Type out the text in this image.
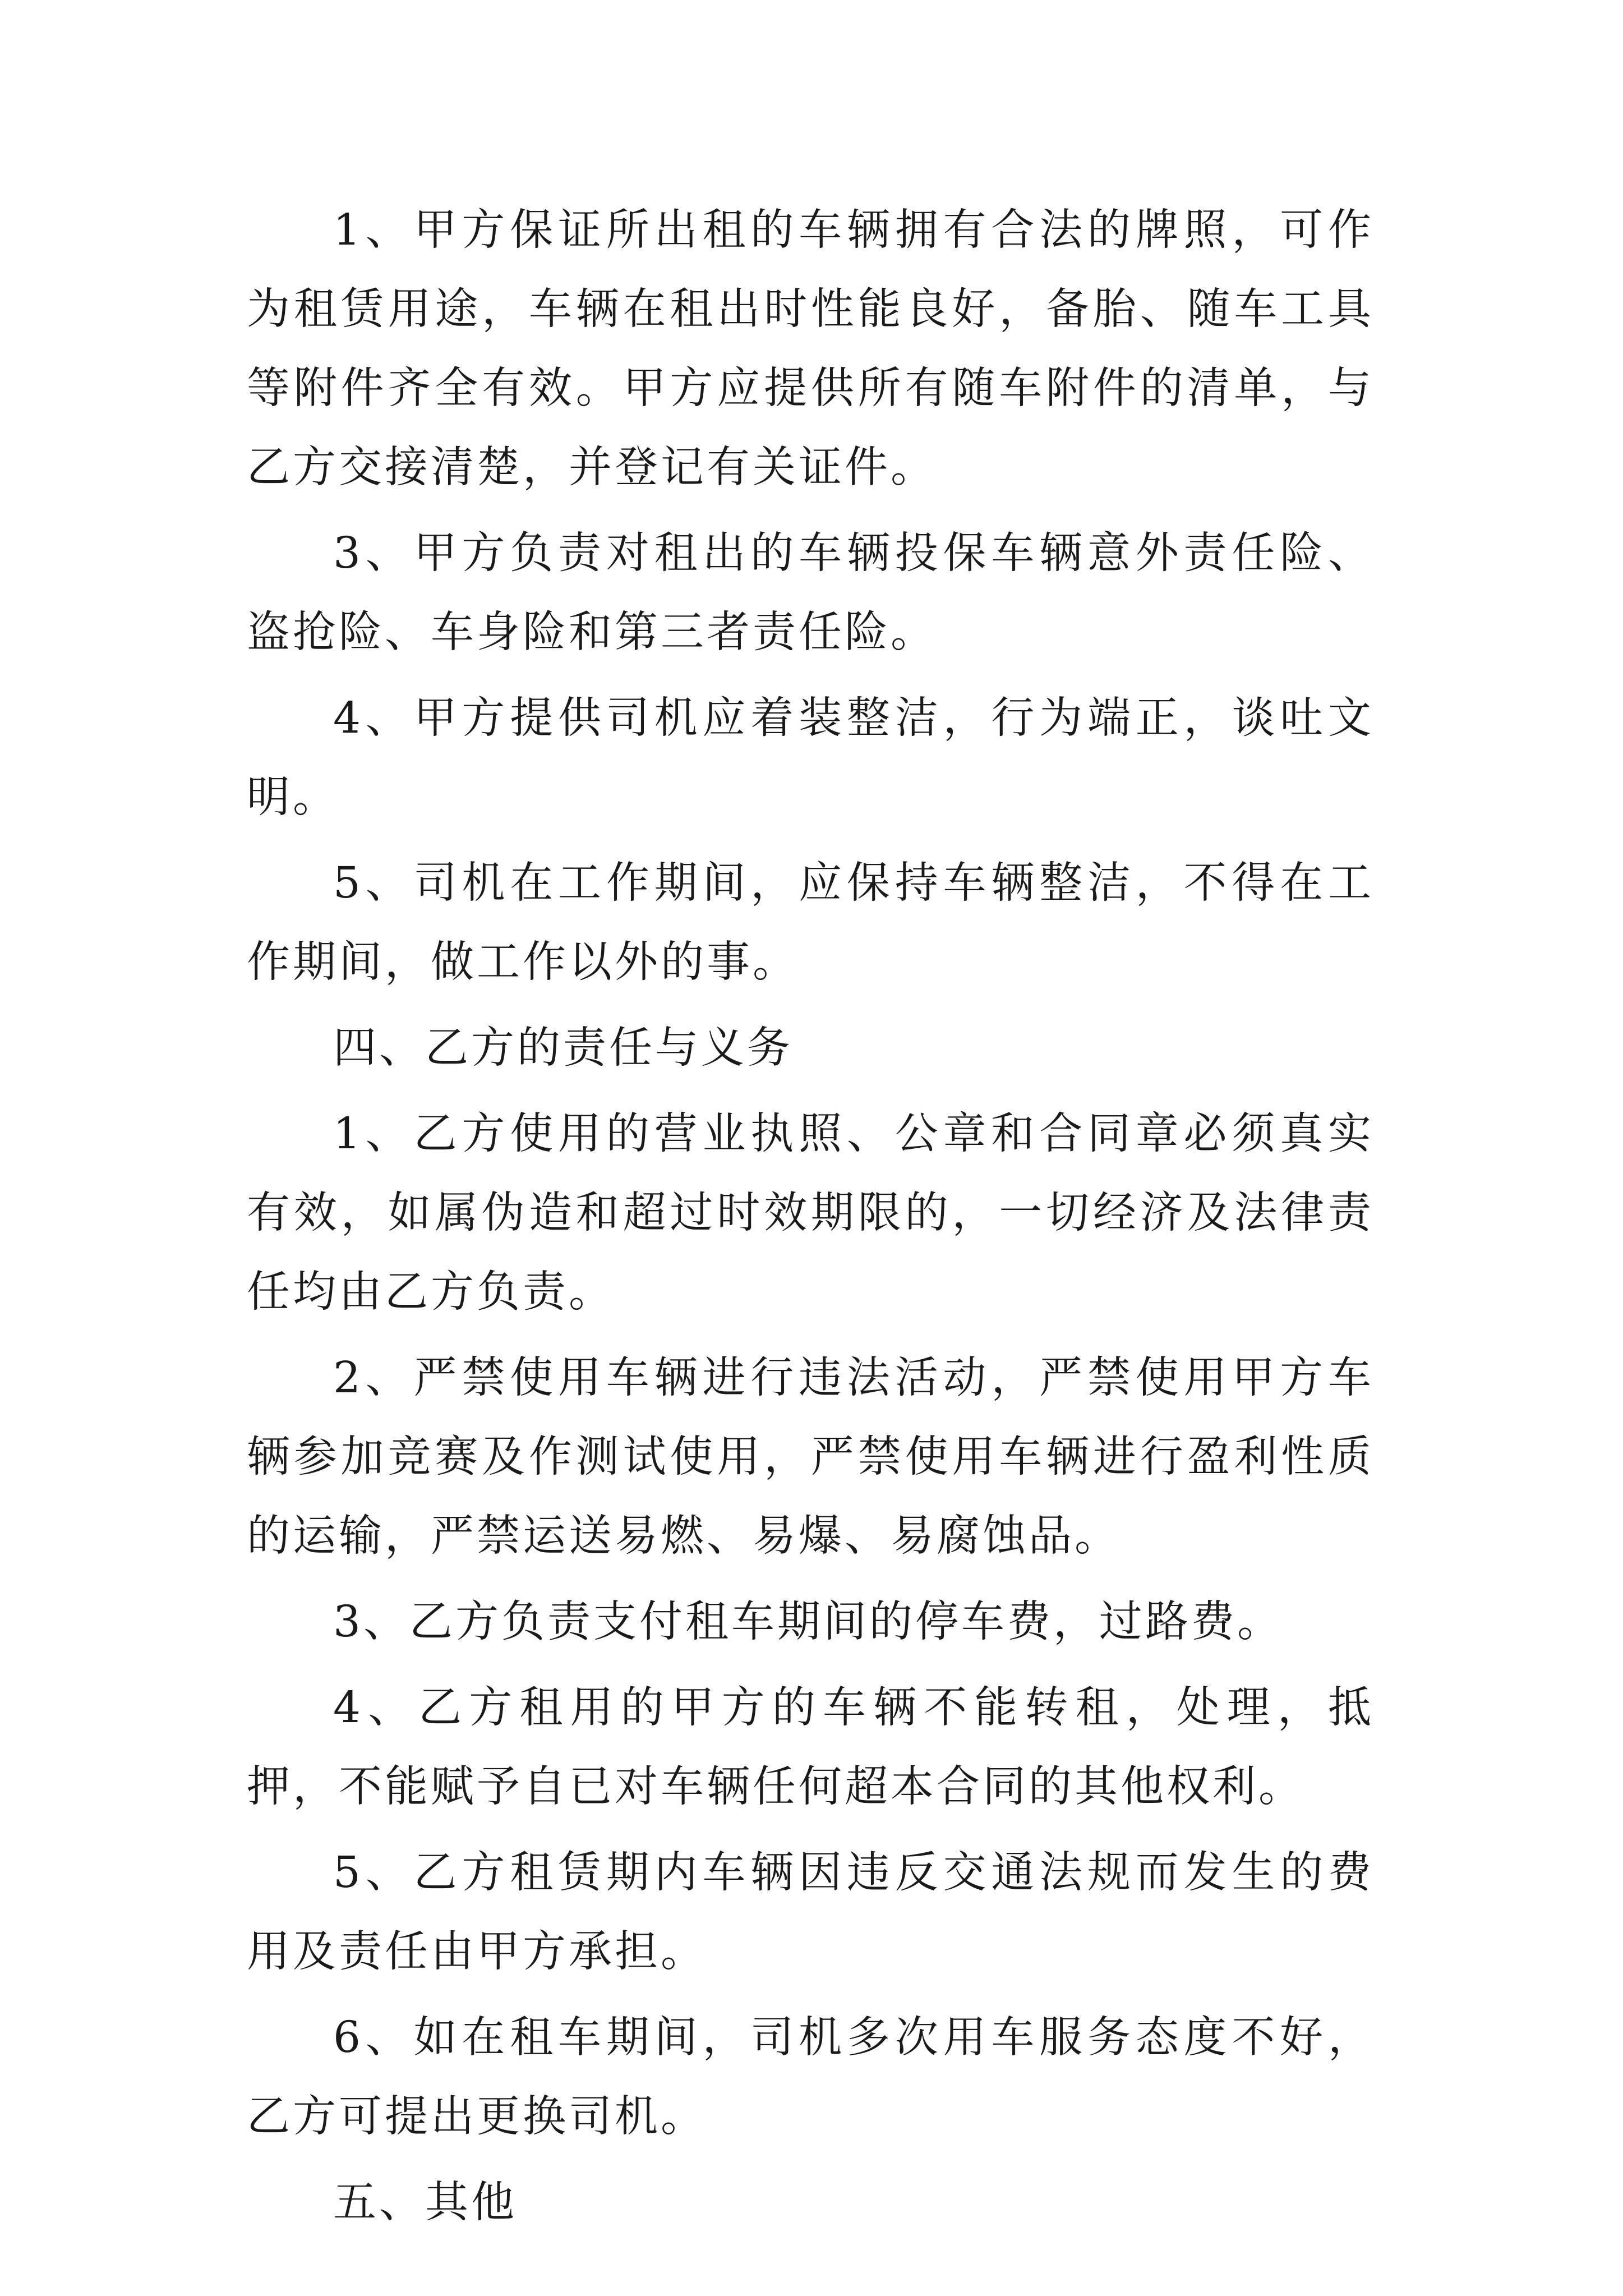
1、甲方保证所出租的车辆拥有合法的牌照，可作为租赁用途，车辆在租出时性能良好，备胎、随车工具等附件齐全有效。甲方应提供所有随车附件的清单，与乙方交接清楚，并登记有关证件。

3、甲方负责对租出的车辆投保车辆意外责任险、盗抢险、车身险和第三者责任险。

4、甲方提供司机应着装整洁，行为端正，谈吐文明。

5、司机在工作期间，应保持车辆整洁，不得在工作期间，做工作以外的事。

四、乙方的责任与义务

1、乙方使用的营业执照、公章和合同章必须真实有效，如属伪造和超过时效期限的，一切经济及法律责任均由乙方负责。

2、严禁使用车辆进行违法活动，严禁使用甲方车辆参加竞赛及作测试使用，严禁使用车辆进行盈利性质的运输，严禁运送易燃、易爆、易腐蚀品。

3、乙方负责支付租车期间的停车费，过路费。

4、乙方租用的甲方的车辆不能转租，处理，抵押，不能赋予自已对车辆任何超本合同的其他权利。

5、乙方租赁期内车辆因违反交通法规而发生的费用及责任由甲方承担。

6、如在租车期间，司机多次用车服务态度不好，乙方可提出更换司机。

五、其他
